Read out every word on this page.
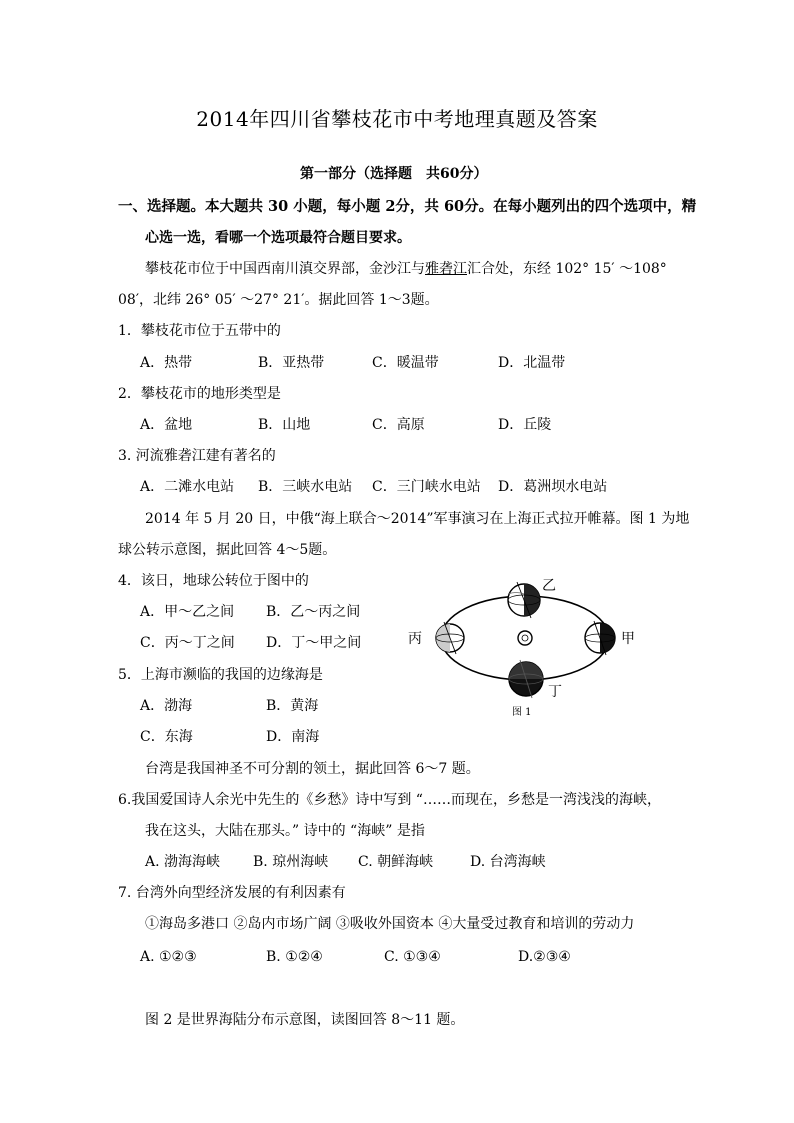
2014年四川省攀枝花市中考地理真题及答案
第一部分（选择题　共60分）
一、选择题。本大题共 30 小题，每小题 2分，共 60分。在每小题列出的四个选项中，精
心选一选，看哪一个选项最符合题目要求。
攀枝花市位于中国西南川滇交界部，金沙江与雅砻江汇合处，东经 102° 15′ ～108°
08′，北纬 26° 05′ ～27° 21′。据此回答 1～3题。
1．攀枝花市位于五带中的
A．热带	B．亚热带	C．暖温带	D．北温带
2．攀枝花市的地形类型是
A．盆地	B．山地	C．高原	D．丘陵
3. 河流雅砻江建有著名的
A．二滩水电站 B．三峡水电站 C．三门峡水电站 D．葛洲坝水电站
2014 年 5 月 20 日，中俄“海上联合～2014”军事演习在上海正式拉开帷幕。图 1 为地
球公转示意图，据此回答 4～5题。
4．该日，地球公转位于图中的
A．甲～乙之间 B．乙～丙之间
C．丙～丁之间 D．丁～甲之间
5．上海市濒临的我国的边缘海是
A．渤海	B．黄海
C．东海	D．南海
乙
丙	甲
丁
图 1
台湾是我国神圣不可分割的领土，据此回答 6～7 题。
6.我国爱国诗人余光中先生的《乡愁》诗中写到 “……而现在，乡愁是一湾浅浅的海峡，
我在这头，大陆在那头。” 诗中的 “海峡” 是指
A. 渤海海峡 B. 琼州海峡 C. 朝鲜海峡	D. 台湾海峡
7. 台湾外向型经济发展的有利因素有
①海岛多港口 ②岛内市场广阔 ③吸收外国资本 ④大量受过教育和培训的劳动力
A. ①②③	B. ①②④	C. ①③④	D.②③④
图 2 是世界海陆分布示意图，读图回答 8～11 题。
